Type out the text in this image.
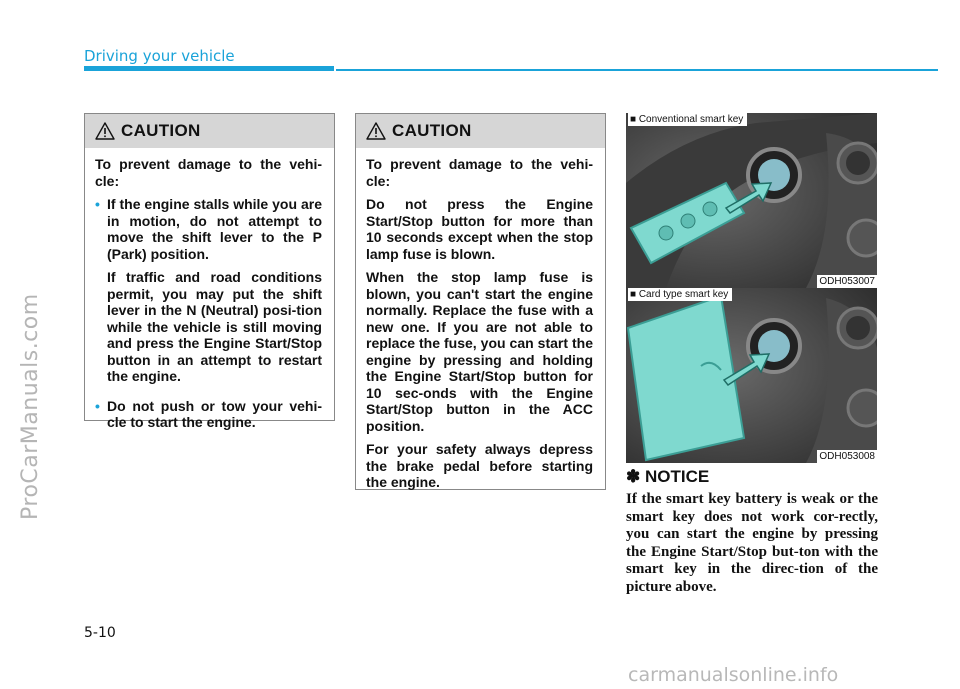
ProCarManuals.com
Driving your vehicle
CAUTION

To prevent damage to the vehi-cle:

• If the engine stalls while you are in motion, do not attempt to move the shift lever to the P (Park) position.

If traffic and road conditions permit, you may put the shift lever in the N (Neutral) posi-tion while the vehicle is still moving and press the Engine Start/Stop button in an attempt to restart the engine.

• Do not push or tow your vehi-cle to start the engine.

CAUTION

To prevent damage to the vehi-cle:

Do not press the Engine Start/Stop button for more than 10 seconds except when the stop lamp fuse is blown.

When the stop lamp fuse is blown, you can't start the engine normally. Replace the fuse with a new one. If you are not able to replace the fuse, you can start the engine by pressing and holding the Engine Start/Stop button for 10 sec-onds with the Engine Start/Stop button in the ACC position.

For your safety always depress the brake pedal before starting the engine.

■ Conventional smart key
ODH053007
■ Card type smart key
ODH053008
✽ NOTICE
If the smart key battery is weak or the smart key does not work cor-rectly, you can start the engine by pressing the Engine Start/Stop but-ton with the smart key in the direc-tion of the picture above.
5-10
carmanualsonline.info
